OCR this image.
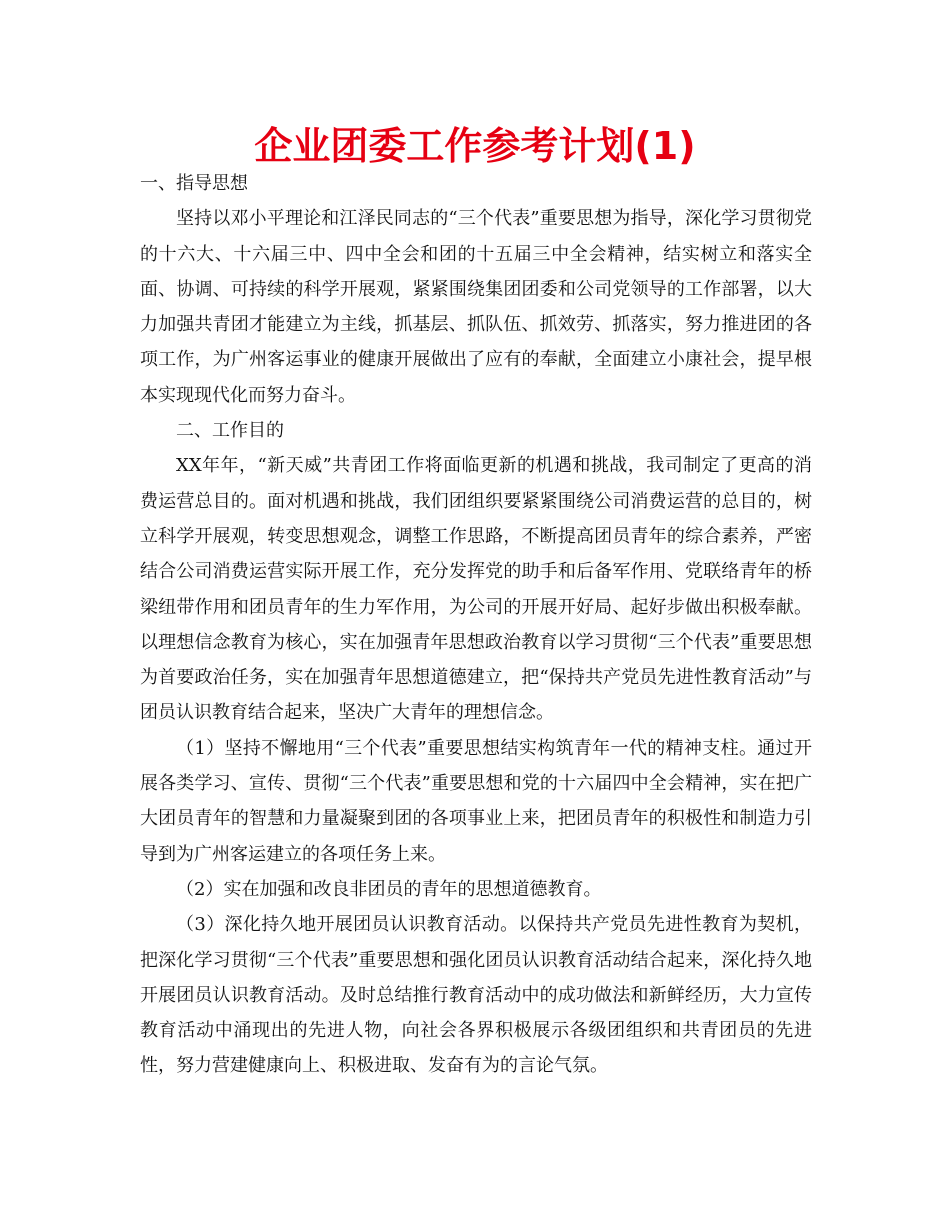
企业团委工作参考计划(1)

一、指导思想

坚持以邓小平理论和江泽民同志的“三个代表”重要思想为指导，深化学习贯彻党的十六大、十六届三中、四中全会和团的十五届三中全会精神，结实树立和落实全面、协调、可持续的科学开展观，紧紧围绕集团团委和公司党领导的工作部署，以大力加强共青团才能建立为主线，抓基层、抓队伍、抓效劳、抓落实，努力推进团的各项工作，为广州客运事业的健康开展做出了应有的奉献，全面建立小康社会，提早根本实现现代化而努力奋斗。

二、工作目的

XX年年，“新天威”共青团工作将面临更新的机遇和挑战，我司制定了更高的消费运营总目的。面对机遇和挑战，我们团组织要紧紧围绕公司消费运营的总目的，树立科学开展观，转变思想观念，调整工作思路，不断提高团员青年的综合素养，严密结合公司消费运营实际开展工作，充分发挥党的助手和后备军作用、党联络青年的桥梁纽带作用和团员青年的生力军作用，为公司的开展开好局、起好步做出积极奉献。以理想信念教育为核心，实在加强青年思想政治教育以学习贯彻“三个代表”重要思想为首要政治任务，实在加强青年思想道德建立，把“保持共产党员先进性教育活动”与团员认识教育结合起来，坚决广大青年的理想信念。

（1）坚持不懈地用“三个代表”重要思想结实构筑青年一代的精神支柱。通过开展各类学习、宣传、贯彻“三个代表”重要思想和党的十六届四中全会精神，实在把广大团员青年的智慧和力量凝聚到团的各项事业上来，把团员青年的积极性和制造力引导到为广州客运建立的各项任务上来。

（2）实在加强和改良非团员的青年的思想道德教育。

（3）深化持久地开展团员认识教育活动。以保持共产党员先进性教育为契机，把深化学习贯彻“三个代表”重要思想和强化团员认识教育活动结合起来，深化持久地开展团员认识教育活动。及时总结推行教育活动中的成功做法和新鲜经历，大力宣传教育活动中涌现出的先进人物，向社会各界积极展示各级团组织和共青团员的先进性，努力营建健康向上、积极进取、发奋有为的言论气氛。
